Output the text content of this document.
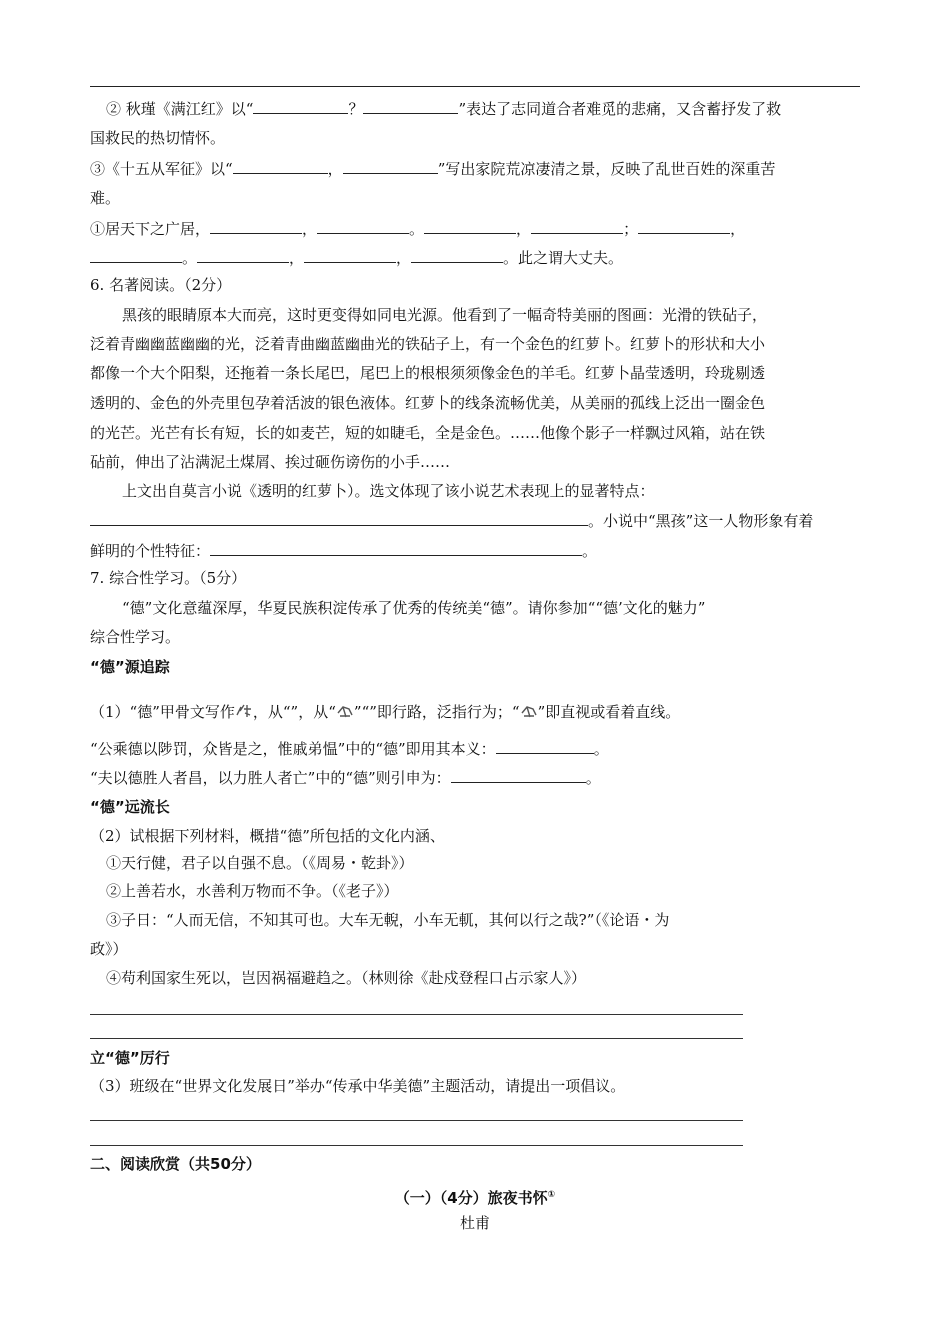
② 秋瑾《满江红》以“	？	”表达了志同道合者难觅的悲痛，又含蓄抒发了救
国救民的热切情怀。
③《十五从军征》以“	，	”写出家院荒凉凄清之景，反映了乱世百姓的深重苦
难。
①居天下之广居，	，	。	，	；	，
。	，	，	。此之谓大丈夫。
6. 名著阅读。（2分）
黑孩的眼睛原本大而亮，这时更变得如同电光源。他看到了一幅奇特美丽的图画：光滑的铁砧子，
泛着青幽幽蓝幽幽的光，泛着青曲幽蓝幽曲光的铁砧子上，有一个金色的红萝卜。红萝卜的形状和大小
都像一个大个阳梨，还拖着一条长尾巴，尾巴上的根根须须像金色的羊毛。红萝卜晶莹透明，玲珑剔透
透明的、金色的外壳里包孕着活波的银色液体。红萝卜的线条流畅优美，从美丽的孤线上泛出一圈金色
的光芒。光芒有长有短，长的如麦芒，短的如睫毛，全是金色。……他像个影子一样飘过风箱，站在铁
砧前，伸出了沾满泥土煤屑、挨过砸伤谤伤的小手……
上文出自莫言小说《透明的红萝卜）。选文体现了该小说艺术表现上的显著特点：
。小说中“黑孩”这一人物形象有着
鲜明的个性特征：	。
7. 综合性学习。（5分）
“德”文化意蕴深厚，华夏民族积淀传承了优秀的传统美“德”。请你参加““德’文化的魅力”
综合性学习。
“德”源追踪
（1）“德”甲骨文写作 ，从“”，从“ ”“”即行路，泛指行为；“ ”即直视或看着直线。
“公乘德以陟罚，众皆是之，惟戚弟愠”中的“德”即用其本义：	。
“夫以德胜人者昌，以力胜人者亡”中的“德”则引申为：	。
“德”远流长
（2）试根据下列材料，概措“德”所包括的文化内涵、
①天行健，君子以自强不息。（《周易・乾卦》）
②上善若水，水善利万物而不争。（《老子》）
③子日：“人而无信，不知其可也。大车无輗，小车无軏，其何以行之哉?”（《论语・为
政》）
④苟利国家生死以，岂因祸福避趋之。（林则徐《赴戍登程口占示家人》）
立“德”厉行
（3）班级在“世界文化发展日”举办“传承中华美德”主题活动，请提出一项倡议。
二、阅读欣赏（共50分）
（一）（4分）旅夜书怀①
杜甫
